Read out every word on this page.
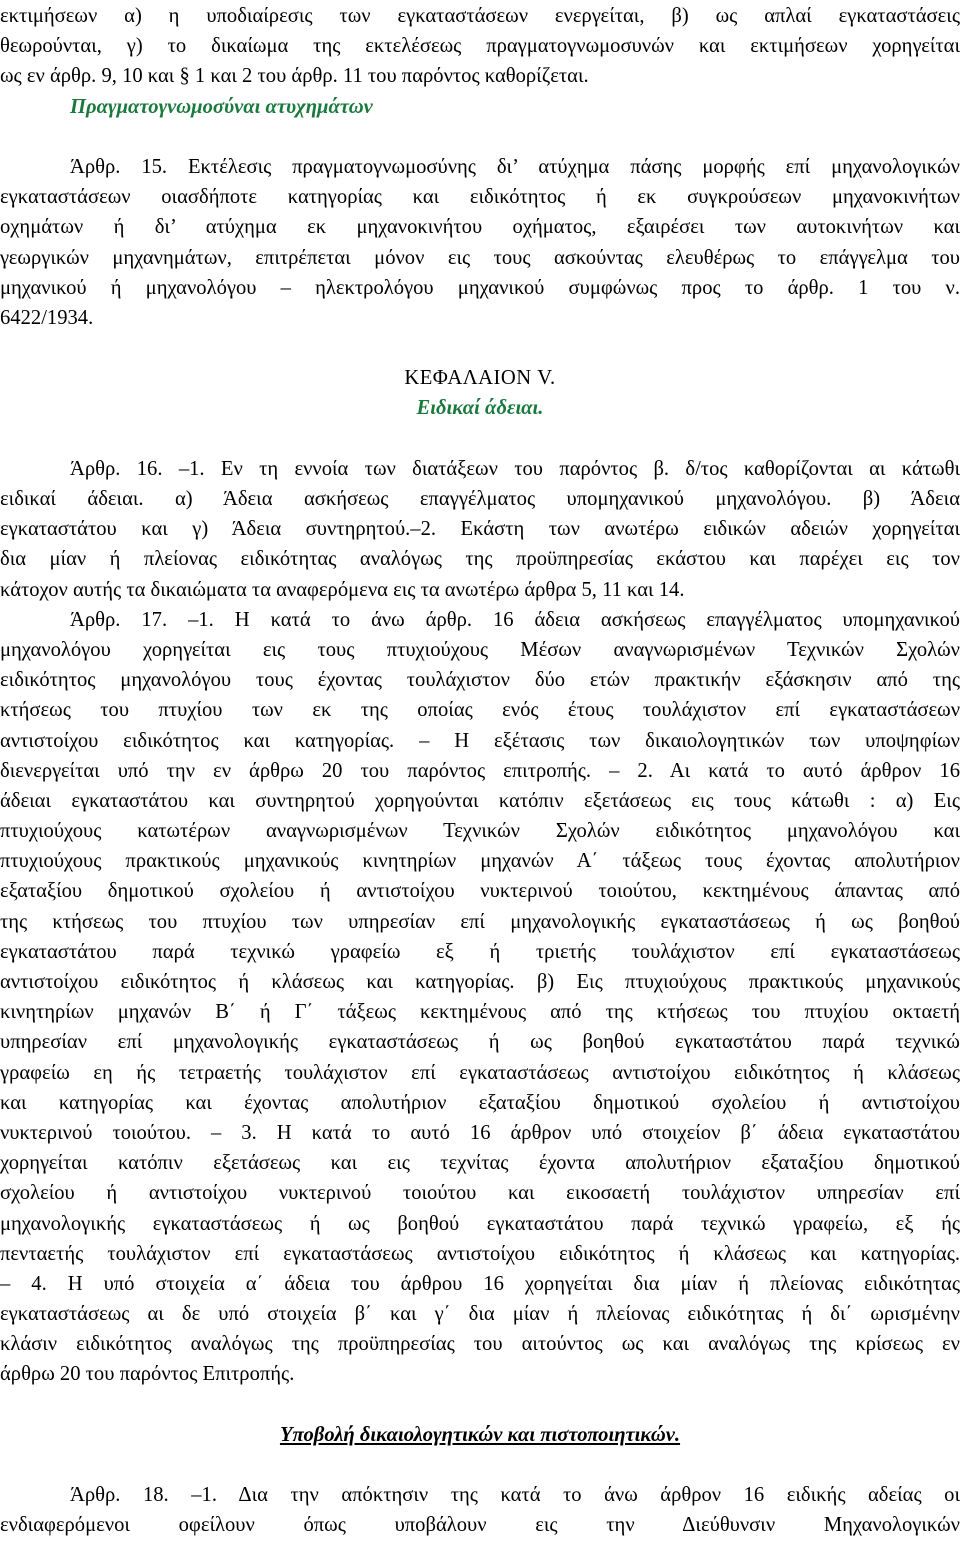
εκτιμήσεων α) η υποδιαίρεσις των εγκαταστάσεων ενεργείται, β) ως απλαί εγκαταστάσεις
θεωρούνται, γ) το δικαίωμα της εκτελέσεως πραγματογνωμοσυνών και εκτιμήσεων χορηγείται
ως εν άρθρ. 9, 10 και § 1 και 2 του άρθρ. 11 του παρόντος καθορίζεται.
Πραγματογνωμοσύναι ατυχημάτων
Άρθρ. 15. Εκτέλεσις πραγματογνωμοσύνης δι’ ατύχημα πάσης μορφής επί μηχανολογικών
εγκαταστάσεων οιασδήποτε κατηγορίας και ειδικότητος ή εκ συγκρούσεων μηχανοκινήτων
οχημάτων ή δι’ ατύχημα εκ μηχανοκινήτου οχήματος, εξαιρέσει των αυτοκινήτων και
γεωργικών μηχανημάτων, επιτρέπεται μόνον εις τους ασκούντας ελευθέρως το επάγγελμα του
μηχανικού ή μηχανολόγου – ηλεκτρολόγου μηχανικού συμφώνως προς το άρθρ. 1 του ν.
6422/1934.
ΚΕΦΑΛΑΙΟΝ V.
Ειδικαί άδειαι.
Άρθρ. 16. –1. Εν τη εννοία των διατάξεων του παρόντος β. δ/τος καθορίζονται αι κάτωθι
ειδικαί άδειαι. α) Άδεια ασκήσεως επαγγέλματος υπομηχανικού μηχανολόγου. β) Άδεια
εγκαταστάτου και γ) Άδεια συντηρητού.–2. Εκάστη των ανωτέρω ειδικών αδειών χορηγείται
δια μίαν ή πλείονας ειδικότητας αναλόγως της προϋπηρεσίας εκάστου και παρέχει εις τον
κάτοχον αυτής τα δικαιώματα τα αναφερόμενα εις τα ανωτέρω άρθρα 5, 11 και 14.
Άρθρ. 17. –1. Η κατά το άνω άρθρ. 16 άδεια ασκήσεως επαγγέλματος υπομηχανικού
μηχανολόγου χορηγείται εις τους πτυχιούχους Μέσων αναγνωρισμένων Τεχνικών Σχολών
ειδικότητος μηχανολόγου τους έχοντας τουλάχιστον δύο ετών πρακτικήν εξάσκησιν από της
κτήσεως του πτυχίου των εκ της οποίας ενός έτους τουλάχιστον επί εγκαταστάσεων
αντιστοίχου ειδικότητος και κατηγορίας. – Η εξέτασις των δικαιολογητικών των υποψηφίων
διενεργείται υπό την εν άρθρω 20 του παρόντος επιτροπής. – 2. Αι κατά το αυτό άρθρον 16
άδειαι εγκαταστάτου και συντηρητού χορηγούνται κατόπιν εξετάσεως εις τους κάτωθι : α) Εις
πτυχιούχους κατωτέρων αναγνωρισμένων Τεχνικών Σχολών ειδικότητος μηχανολόγου και
πτυχιούχους πρακτικούς μηχανικούς κινητηρίων μηχανών Α΄ τάξεως τους έχοντας απολυτήριον
εξαταξίου δημοτικού σχολείου ή αντιστοίχου νυκτερινού τοιούτου, κεκτημένους άπαντας από
της κτήσεως του πτυχίου των υπηρεσίαν επί μηχανολογικής εγκαταστάσεως ή ως βοηθού
εγκαταστάτου παρά τεχνικώ γραφείω εξ ή τριετής τουλάχιστον επί εγκαταστάσεως
αντιστοίχου ειδικότητος ή κλάσεως και κατηγορίας. β) Εις πτυχιούχους πρακτικούς μηχανικούς
κινητηρίων μηχανών Β΄ ή Γ΄ τάξεως κεκτημένους από της κτήσεως του πτυχίου οκταετή
υπηρεσίαν επί μηχανολογικής εγκαταστάσεως ή ως βοηθού εγκαταστάτου παρά τεχνικώ
γραφείω εη ής τετραετής τουλάχιστον επί εγκαταστάσεως αντιστοίχου ειδικότητος ή κλάσεως
και κατηγορίας και έχοντας απολυτήριον εξαταξίου δημοτικού σχολείου ή αντιστοίχου
νυκτερινού τοιούτου. – 3. Η κατά το αυτό 16 άρθρον υπό στοιχείον β΄ άδεια εγκαταστάτου
χορηγείται κατόπιν εξετάσεως και εις τεχνίτας έχοντα απολυτήριον εξαταξίου δημοτικού
σχολείου ή αντιστοίχου νυκτερινού τοιούτου και εικοσαετή τουλάχιστον υπηρεσίαν επί
μηχανολογικής εγκαταστάσεως ή ως βοηθού εγκαταστάτου παρά τεχνικώ γραφείω, εξ ής
πενταετής τουλάχιστον επί εγκαταστάσεως αντιστοίχου ειδικότητος ή κλάσεως και κατηγορίας.
– 4. Η υπό στοιχεία α΄ άδεια του άρθρου 16 χορηγείται δια μίαν ή πλείονας ειδικότητας
εγκαταστάσεως αι δε υπό στοιχεία β΄ και γ΄ δια μίαν ή πλείονας ειδικότητας ή δι΄ ωρισμένην
κλάσιν ειδικότητος αναλόγως της προϋπηρεσίας του αιτούντος ως και αναλόγως της κρίσεως εν
άρθρω 20 του παρόντος Επιτροπής.
Υποβολή δικαιολογητικών και πιστοποιητικών.
Άρθρ. 18. –1. Δια την απόκτησιν της κατά το άνω άρθρον 16 ειδικής αδείας οι
ενδιαφερόμενοι οφείλουν όπως υποβάλουν εις την Διεύθυνσιν Μηχανολογικών
